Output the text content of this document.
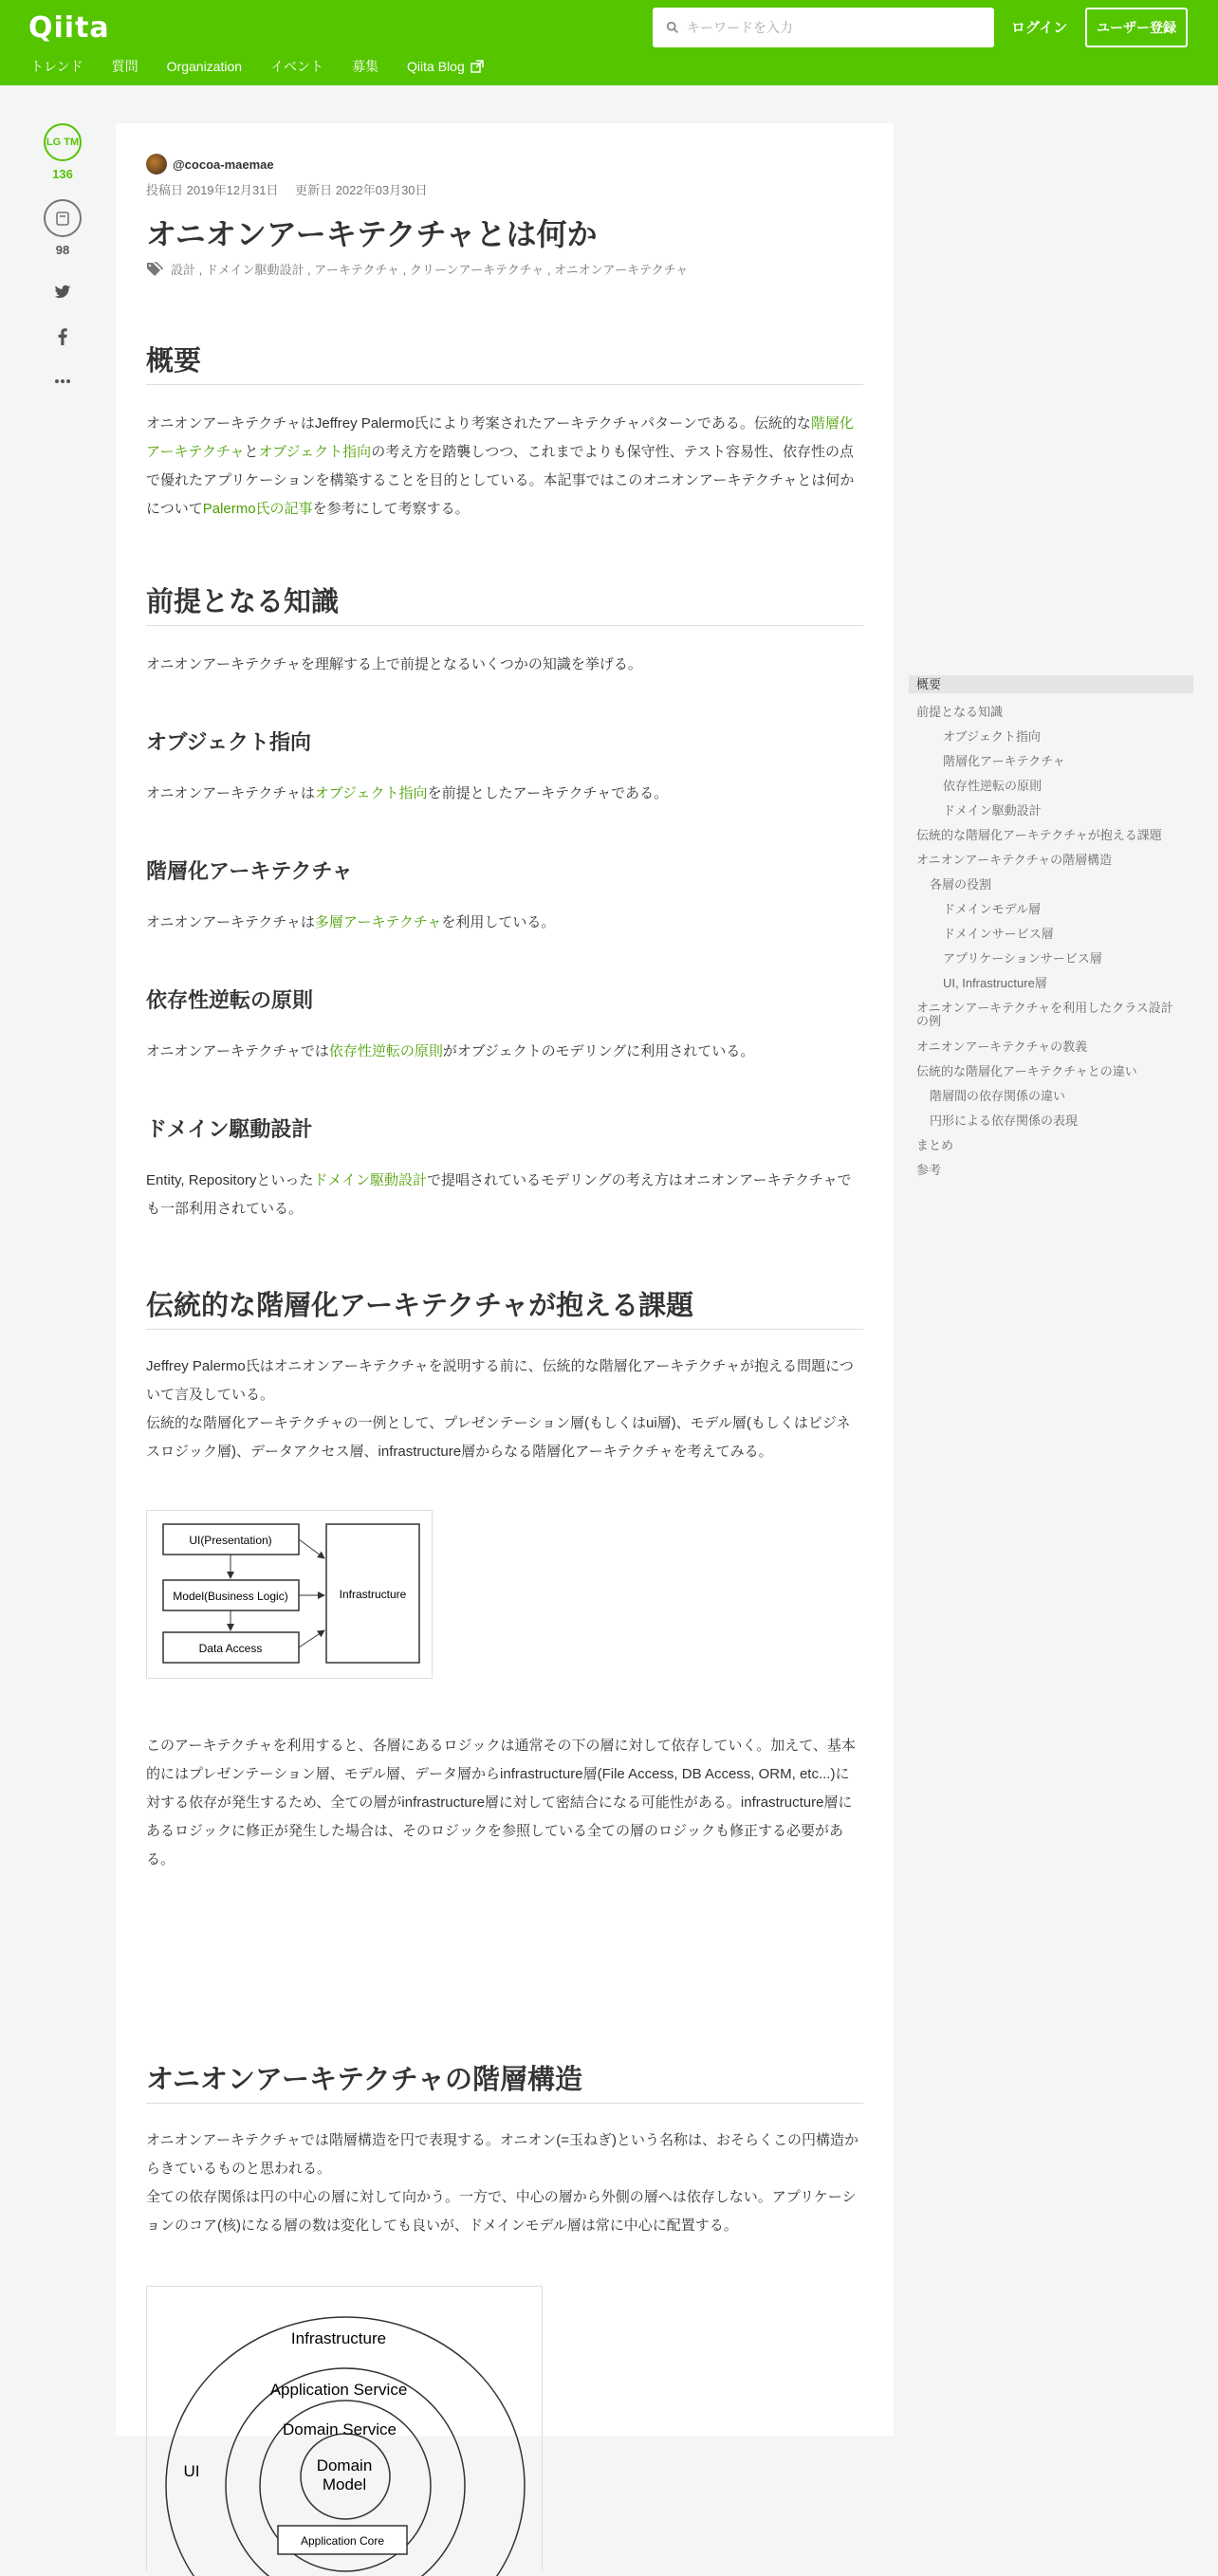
Qiita
キーワードを入力	ログイン	ユーザー登録
トレンド 質問 Organization イベント 募集 Qiita Blog
LG TM
136
98
@cocoa-maemae
投稿日 2019年12月31日 更新日 2022年03月30日
オニオンアーキテクチャとは何か
設計 , ドメイン駆動設計 , アーキテクチャ , クリーンアーキテクチャ , オニオンアーキテクチャ
概要

オニオンアーキテクチャはJeffrey Palermo氏により考案されたアーキテクチャパターンである。伝統的な階層化アーキテクチャとオブジェクト指向の考え方を踏襲しつつ、これまでよりも保守性、テスト容易性、依存性の点で優れたアプリケーションを構築することを目的としている。本記事ではこのオニオンアーキテクチャとは何かについてPalermo氏の記事を参考にして考察する。

前提となる知識

オニオンアーキテクチャを理解する上で前提となるいくつかの知識を挙げる。

オブジェクト指向

オニオンアーキテクチャはオブジェクト指向を前提としたアーキテクチャである。

階層化アーキテクチャ

オニオンアーキテクチャは多層アーキテクチャを利用している。

依存性逆転の原則

オニオンアーキテクチャでは依存性逆転の原則がオブジェクトのモデリングに利用されている。

ドメイン駆動設計

Entity, Repositoryといったドメイン駆動設計で提唱されているモデリングの考え方はオニオンアーキテクチャでも一部利用されている。

伝統的な階層化アーキテクチャが抱える課題

Jeffrey Palermo氏はオニオンアーキテクチャを説明する前に、伝統的な階層化アーキテクチャが抱える問題について言及している。

伝統的な階層化アーキテクチャの一例として、プレゼンテーション層(もしくはui層)、モデル層(もしくはビジネスロジック層)、データアクセス層、infrastructure層からなる階層化アーキテクチャを考えてみる。

UI(Presentation)
Model(Business Logic)
Data Access
Infrastructure

このアーキテクチャを利用すると、各層にあるロジックは通常その下の層に対して依存していく。加えて、基本的にはプレゼンテーション層、モデル層、データ層からinfrastructure層(File Access, DB Access, ORM, etc...)に対する依存が発生するため、全ての層がinfrastructure層に対して密結合になる可能性がある。infrastructure層にあるロジックに修正が発生した場合は、そのロジックを参照している全ての層のロジックも修正する必要がある。

オニオンアーキテクチャの階層構造

オニオンアーキテクチャでは階層構造を円で表現する。オニオン(=玉ねぎ)という名称は、おそらくこの円構造からきているものと思われる。

全ての依存関係は円の中心の層に対して向かう。一方で、中心の層から外側の層へは依存しない。アプリケーションのコア(核)になる層の数は変化しても良いが、ドメインモデル層は常に中心に配置する。

Infrastructure
Application Service
Domain Service
Domain
Model
UI
Application Core
概要
前提となる知識
オブジェクト指向
階層化アーキテクチャ
依存性逆転の原則
ドメイン駆動設計
伝統的な階層化アーキテクチャが抱える課題
オニオンアーキテクチャの階層構造
各層の役割
ドメインモデル層
ドメインサービス層
アプリケーションサービス層
UI, Infrastructure層
オニオンアーキテクチャを利用したクラス設計の例
オニオンアーキテクチャの教義
伝統的な階層化アーキテクチャとの違い
階層間の依存関係の違い
円形による依存関係の表現
まとめ
参考
